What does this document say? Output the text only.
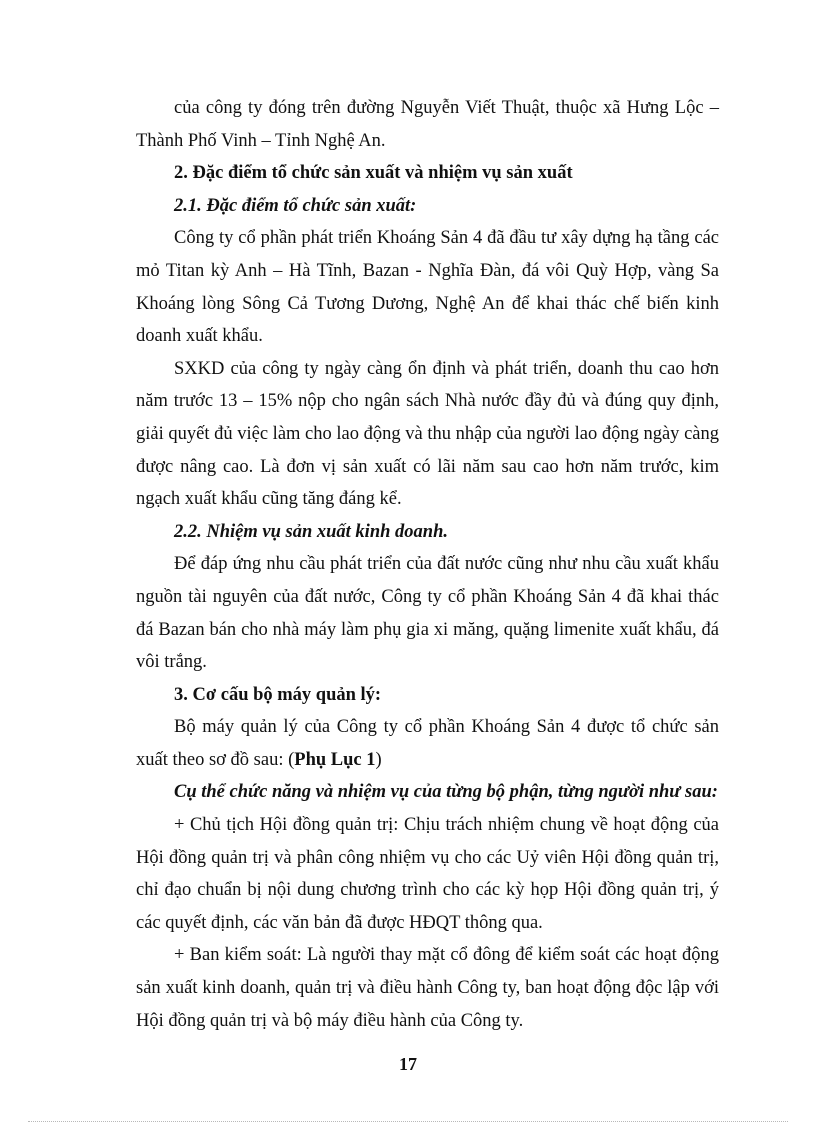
của công ty đóng trên đường Nguyễn Viết Thuật, thuộc xã Hưng Lộc – Thành Phố Vinh – Tỉnh Nghệ An.

2. Đặc điểm tổ chức sản xuất và nhiệm vụ sản xuất

2.1. Đặc điểm tổ chức sản xuất:

Công ty cổ phần phát triển Khoáng Sản 4 đã đầu tư xây dựng hạ tầng các mỏ Titan kỳ Anh – Hà Tĩnh, Bazan - Nghĩa Đàn, đá vôi Quỳ Hợp, vàng Sa Khoáng lòng Sông Cả Tương Dương, Nghệ An để khai thác chế biến kinh doanh xuất khẩu.

SXKD của công ty ngày càng ổn định và phát triển, doanh thu cao hơn năm trước 13 – 15% nộp cho ngân sách Nhà nước đầy đủ và đúng quy định, giải quyết đủ việc làm cho lao động và thu nhập của người lao động ngày càng được nâng cao. Là đơn vị sản xuất có lãi năm sau cao hơn năm trước, kim ngạch xuất khẩu cũng tăng đáng kể.

2.2. Nhiệm vụ sản xuất kinh doanh.

Để đáp ứng nhu cầu phát triển của đất nước cũng như nhu cầu xuất khẩu nguồn tài nguyên của đất nước, Công ty cổ phần Khoáng Sản 4 đã khai thác đá Bazan bán cho nhà máy làm phụ gia xi măng, quặng limenite xuất khẩu, đá vôi trắng.

3. Cơ cấu bộ máy quản lý:

Bộ máy quản lý của Công ty cổ phần Khoáng Sản 4 được tổ chức sản xuất theo sơ đồ sau: (Phụ Lục 1)

Cụ thể chức năng và nhiệm vụ của từng bộ phận, từng người như sau:

+ Chủ tịch Hội đồng quản trị: Chịu trách nhiệm chung về hoạt động của Hội đồng quản trị và phân công nhiệm vụ cho các Uỷ viên Hội đồng quản trị, chỉ đạo chuẩn bị nội dung chương trình cho các kỳ họp Hội đồng quản trị, ý các quyết định, các văn bản đã được HĐQT thông qua.

+ Ban kiểm soát: Là người thay mặt cổ đông để kiểm soát các hoạt động sản xuất kinh doanh, quản trị và điều hành Công ty, ban hoạt động độc lập với Hội đồng quản trị và bộ máy điều hành của Công ty.

17
